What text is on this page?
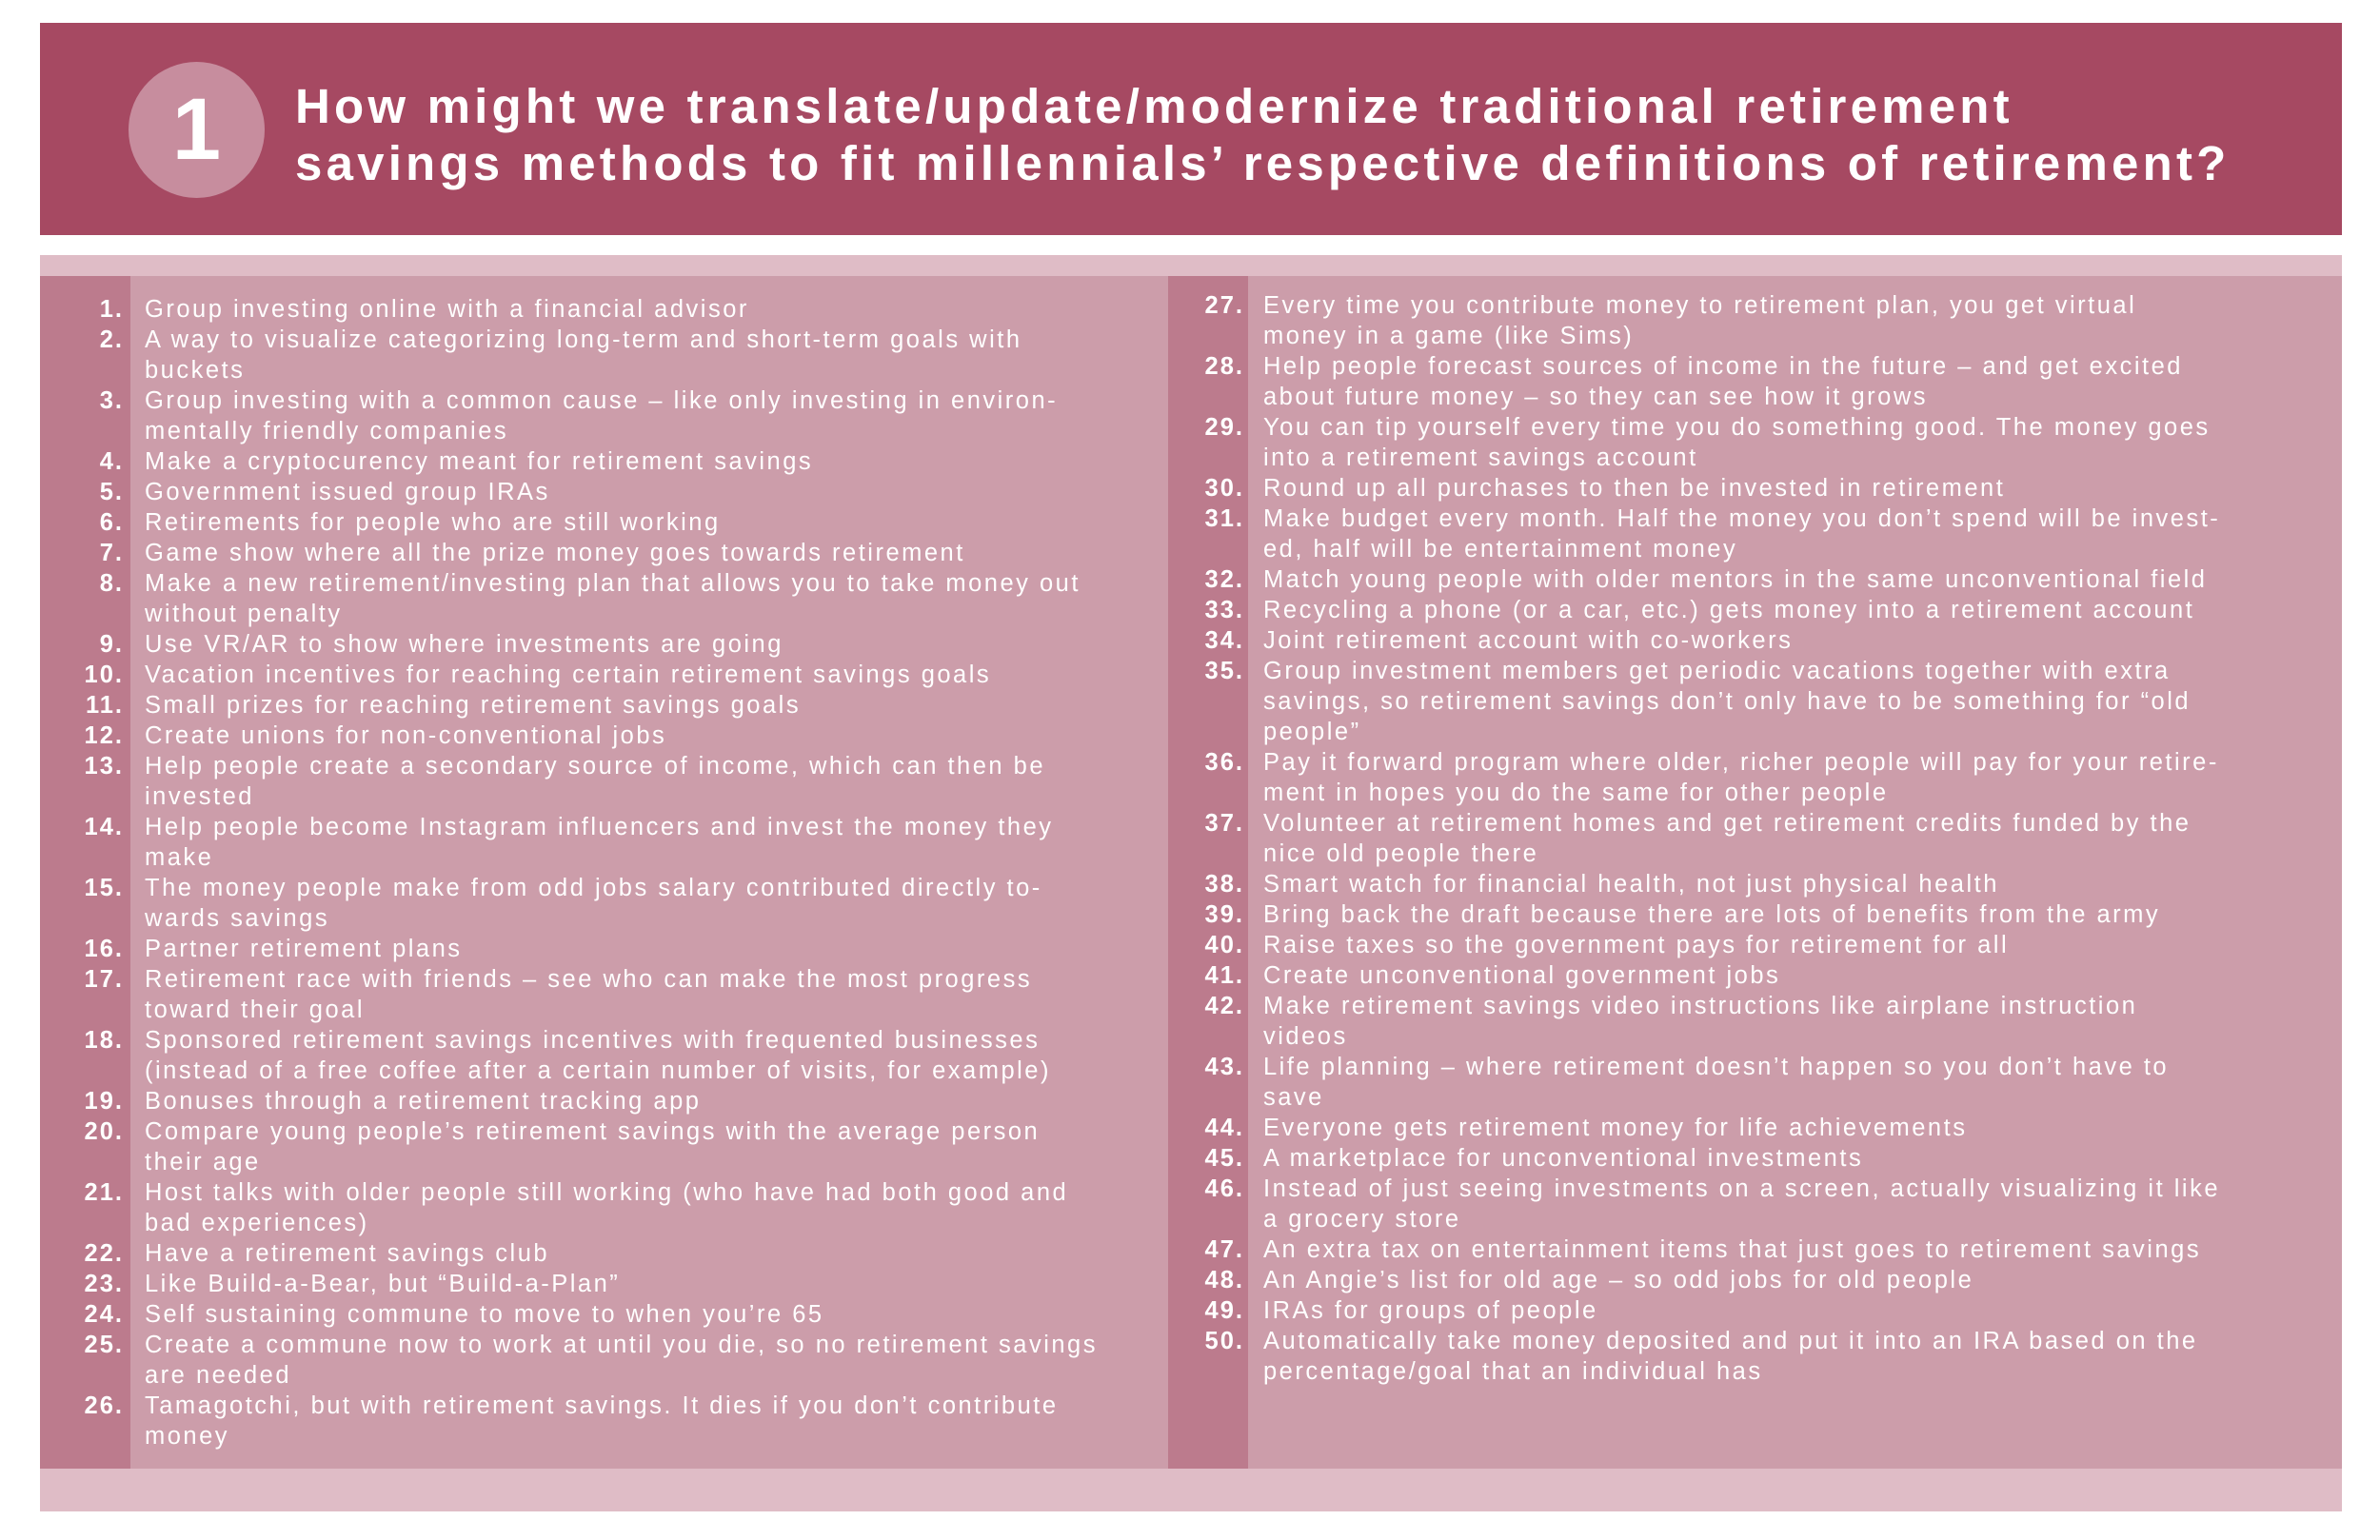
1	How might we translate/update/modernize traditional retirement
savings methods to fit millennials’ respective definitions of retirement?
1. Group investing online with a financial advisor
2. A way to visualize categorizing long-term and short-term goals with
buckets
3. Group investing with a common cause – like only investing in environ-
mentally friendly companies
4. Make a cryptocurency meant for retirement savings
5. Government issued group IRAs
6. Retirements for people who are still working
7. Game show where all the prize money goes towards retirement
8. Make a new retirement/investing plan that allows you to take money out
without penalty
9. Use VR/AR to show where investments are going
10. Vacation incentives for reaching certain retirement savings goals
11. Small prizes for reaching retirement savings goals
12. Create unions for non-conventional jobs
13. Help people create a secondary source of income, which can then be
invested
14. Help people become Instagram influencers and invest the money they
make
15. The money people make from odd jobs salary contributed directly to-
wards savings
16. Partner retirement plans
17. Retirement race with friends – see who can make the most progress
toward their goal
18. Sponsored retirement savings incentives with frequented businesses
(instead of a free coffee after a certain number of visits, for example)
19. Bonuses through a retirement tracking app
20. Compare young people’s retirement savings with the average person
their age
21. Host talks with older people still working (who have had both good and
bad experiences)
22. Have a retirement savings club
23. Like Build-a-Bear, but “Build-a-Plan”
24. Self sustaining commune to move to when you’re 65
25. Create a commune now to work at until you die, so no retirement savings
are needed
26. Tamagotchi, but with retirement savings. It dies if you don’t contribute
money
27. Every time you contribute money to retirement plan, you get virtual
money in a game (like Sims)
28. Help people forecast sources of income in the future – and get excited
about future money – so they can see how it grows
29. You can tip yourself every time you do something good. The money goes
into a retirement savings account
30. Round up all purchases to then be invested in retirement
31. Make budget every month. Half the money you don’t spend will be invest-
ed, half will be entertainment money
32. Match young people with older mentors in the same unconventional field
33. Recycling a phone (or a car, etc.) gets money into a retirement account
34. Joint retirement account with co-workers
35. Group investment members get periodic vacations together with extra
savings, so retirement savings don’t only have to be something for “old
people”
36. Pay it forward program where older, richer people will pay for your retire-
ment in hopes you do the same for other people
37. Volunteer at retirement homes and get retirement credits funded by the
nice old people there
38. Smart watch for financial health, not just physical health
39. Bring back the draft because there are lots of benefits from the army
40. Raise taxes so the government pays for retirement for all
41. Create unconventional government jobs
42. Make retirement savings video instructions like airplane instruction
videos
43. Life planning – where retirement doesn’t happen so you don’t have to
save
44. Everyone gets retirement money for life achievements
45. A marketplace for unconventional investments
46. Instead of just seeing investments on a screen, actually visualizing it like
a grocery store
47. An extra tax on entertainment items that just goes to retirement savings
48. An Angie’s list for old age – so odd jobs for old people
49. IRAs for groups of people
50. Automatically take money deposited and put it into an IRA based on the
percentage/goal that an individual has
